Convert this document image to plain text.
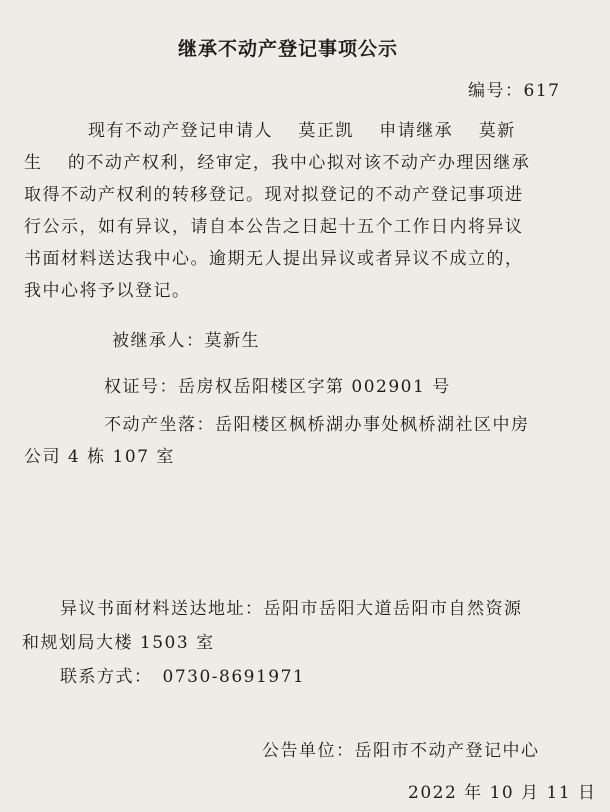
继承不动产登记事项公示
编号：617
现有不动产登记申请人　 莫正凯　 申请继承　 莫新
生　 的不动产权利，经审定，我中心拟对该不动产办理因继承
取得不动产权利的转移登记。现对拟登记的不动产登记事项进
行公示，如有异议，请自本公告之日起十五个工作日内将异议
书面材料送达我中心。逾期无人提出异议或者异议不成立的，
我中心将予以登记。
被继承人：莫新生
权证号：岳房权岳阳楼区字第 002901 号
不动产坐落：岳阳楼区枫桥湖办事处枫桥湖社区中房
公司 4 栋 107 室
异议书面材料送达地址：岳阳市岳阳大道岳阳市自然资源
和规划局大楼 1503 室
联系方式：　0730-8691971
公告单位：岳阳市不动产登记中心
2022 年 10 月 11 日
